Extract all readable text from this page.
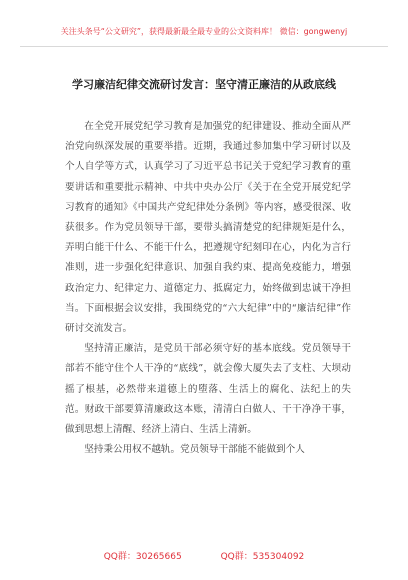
关注头条号“公文研究”，获得最新最全最专业的公文资料库！ 微信：gongwenyj
学习廉洁纪律交流研讨发言：坚守清正廉洁的从政底线

在全党开展党纪学习教育是加强党的纪律建设、推动全面从严治党向纵深发展的重要举措。近期，我通过参加集中学习研讨以及个人自学等方式，认真学习了习近平总书记关于党纪学习教育的重要讲话和重要批示精神、中共中央办公厅《关于在全党开展党纪学习教育的通知》《中国共产党纪律处分条例》等内容，感受很深、收获很多。作为党员领导干部，要带头搞清楚党的纪律规矩是什么，弄明白能干什么、不能干什么，把遵规守纪刻印在心，内化为言行准则，进一步强化纪律意识、加强自我约束、提高免疫能力，增强政治定力、纪律定力、道德定力、抵腐定力，始终做到忠诚干净担当。下面根据会议安排，我围绕党的“六大纪律”中的“廉洁纪律”作研讨交流发言。

坚持清正廉洁，是党员干部必须守好的基本底线。党员领导干部若不能守住个人干净的“底线”，就会像大厦失去了支柱、大坝动摇了根基，必然带来道德上的堕落、生活上的腐化、法纪上的失范。财政干部要算清廉政这本账，清清白白做人、干干净净干事，做到思想上清醒、经济上清白、生活上清新。

坚持秉公用权不越轨。党员领导干部能不能做到个人

QQ群：30265665	QQ群：535304092
